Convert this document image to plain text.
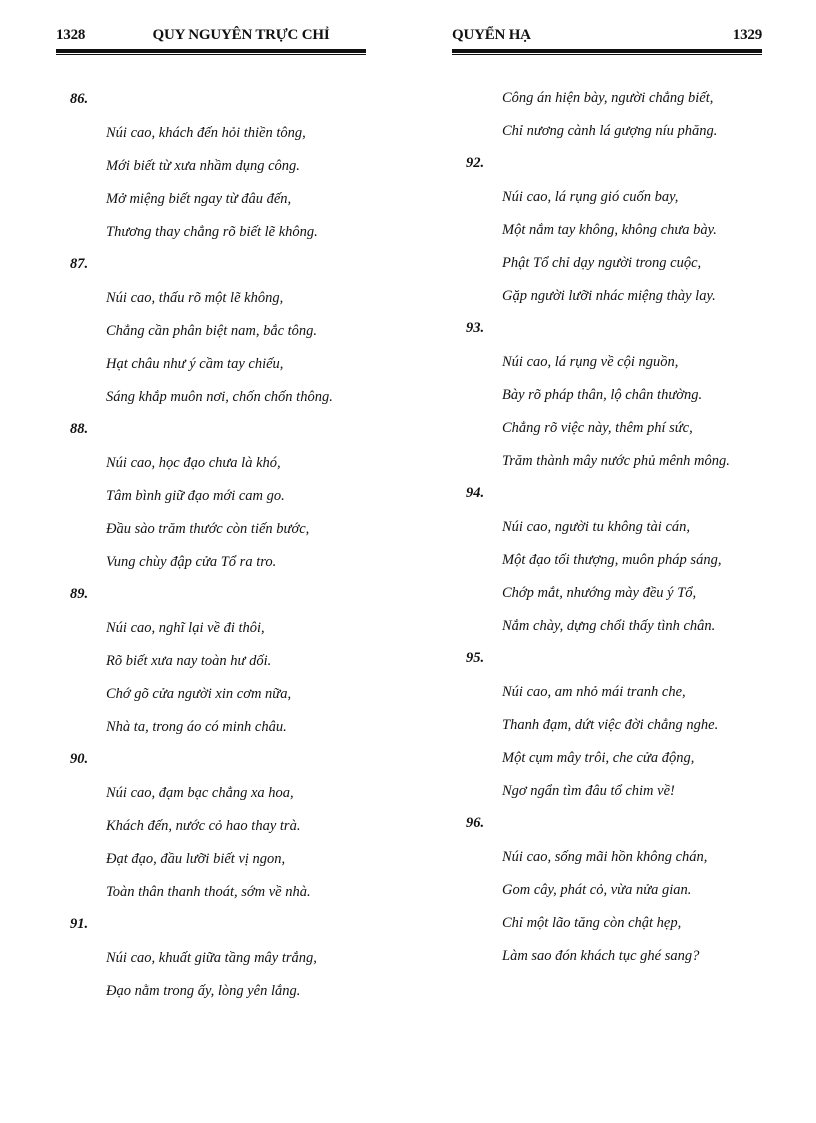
1328	QUY NGUYÊN TRỰC CHỈ
86.
Núi cao, khách đến hỏi thiền tông,
Mới biết từ xưa nhầm dụng công.
Mở miệng biết ngay từ đâu đến,
Thương thay chẳng rõ biết lẽ không.
87.
Núi cao, thấu rõ một lẽ không,
Chẳng cần phân biệt nam, bắc tông.
Hạt châu như ý cầm tay chiếu,
Sáng khắp muôn nơi, chốn chốn thông.
88.
Núi cao, học đạo chưa là khó,
Tâm bình giữ đạo mới cam go.
Đầu sào trăm thước còn tiến bước,
Vung chùy đập cửa Tổ ra tro.
89.
Núi cao, nghĩ lại về đi thôi,
Rõ biết xưa nay toàn hư dối.
Chớ gõ cửa người xin cơm nữa,
Nhà ta, trong áo có minh châu.
90.
Núi cao, đạm bạc chẳng xa hoa,
Khách đến, nước cỏ hao thay trà.
Đạt đạo, đầu lưỡi biết vị ngon,
Toàn thân thanh thoát, sớm về nhà.
91.
Núi cao, khuất giữa tầng mây trắng,
Đạo nằm trong ấy, lòng yên lắng.
QUYỂN HẠ	1329
Công án hiện bày, người chẳng biết,
Chỉ nương cành lá gượng níu phăng.
92.
Núi cao, lá rụng gió cuốn bay,
Một nắm tay không, không chưa bày.
Phật Tổ chỉ dạy người trong cuộc,
Gặp người lưỡi nhác miệng thày lay.
93.
Núi cao, lá rụng về cội nguồn,
Bày rõ pháp thân, lộ chân thường.
Chẳng rõ việc này, thêm phí sức,
Trăm thành mây nước phủ mênh mông.
94.
Núi cao, người tu không tài cán,
Một đạo tối thượng, muôn pháp sáng,
Chớp mắt, nhướng mày đều ý Tổ,
Nắm chày, dựng chổi thấy tình chân.
95.
Núi cao, am nhỏ mái tranh che,
Thanh đạm, dứt việc đời chẳng nghe.
Một cụm mây trôi, che cửa động,
Ngơ ngẩn tìm đâu tổ chim về!
96.
Núi cao, sống mãi hồn không chán,
Gom cây, phát cỏ, vừa nửa gian.
Chỉ một lão tăng còn chật hẹp,
Làm sao đón khách tục ghé sang?
